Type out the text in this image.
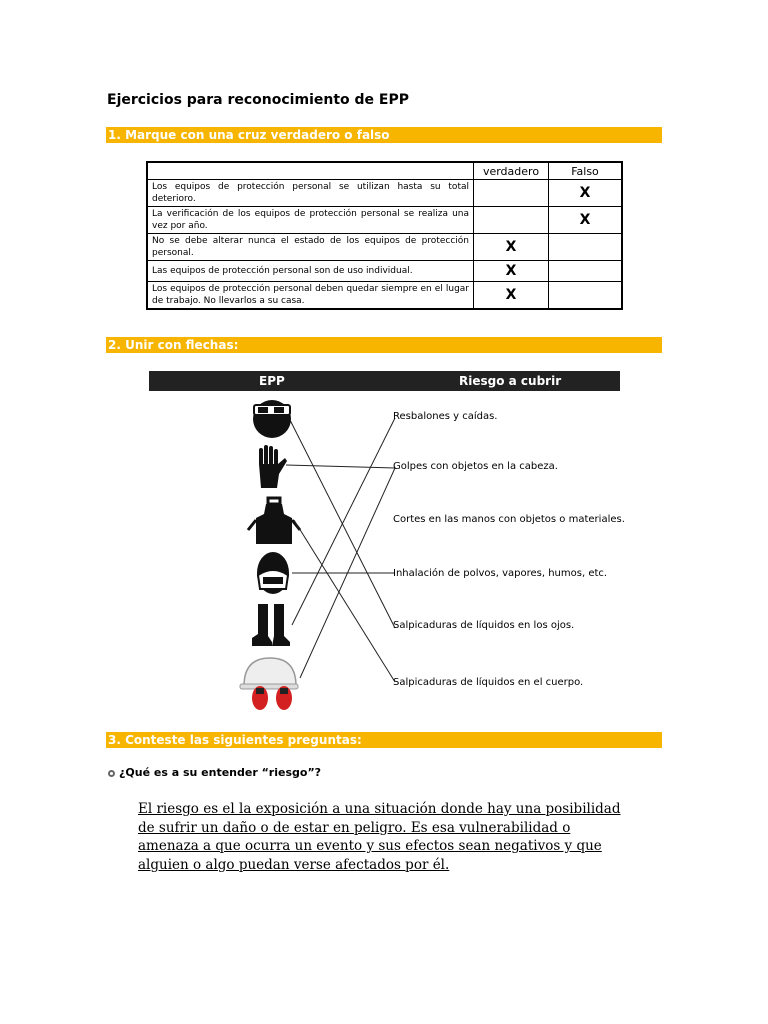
Ejercicios para reconocimiento de EPP
1. Marque con una cruz verdadero o falso
	verdadero	Falso
Los equipos de protección personal se utilizan hasta su total deterioro.		X
La verificación de los equipos de protección personal se realiza una vez por año.		X
No se debe alterar nunca el estado de los equipos de protección personal.	X	
Las equipos de protección personal son de uso individual.	X	
Los equipos de protección personal deben quedar siempre en el lugar de trabajo. No llevarlos a su casa.	X	
2. Unir con flechas:
EPP	Riesgo a cubrir
Resbalones y caídas.
Golpes con objetos en la cabeza.
Cortes en las manos con objetos o materiales.
Inhalación de polvos, vapores, humos, etc.
Salpicaduras de líquidos en los ojos.
Salpicaduras de líquidos en el cuerpo.
3. Conteste las siguientes preguntas:
¿Qué es a su entender “riesgo”?
El riesgo es el la exposición a una situación donde hay una posibilidad de sufrir un daño o de estar en peligro. Es esa vulnerabilidad o amenaza a que ocurra un evento y sus efectos sean negativos y que alguien o algo puedan verse afectados por él.
